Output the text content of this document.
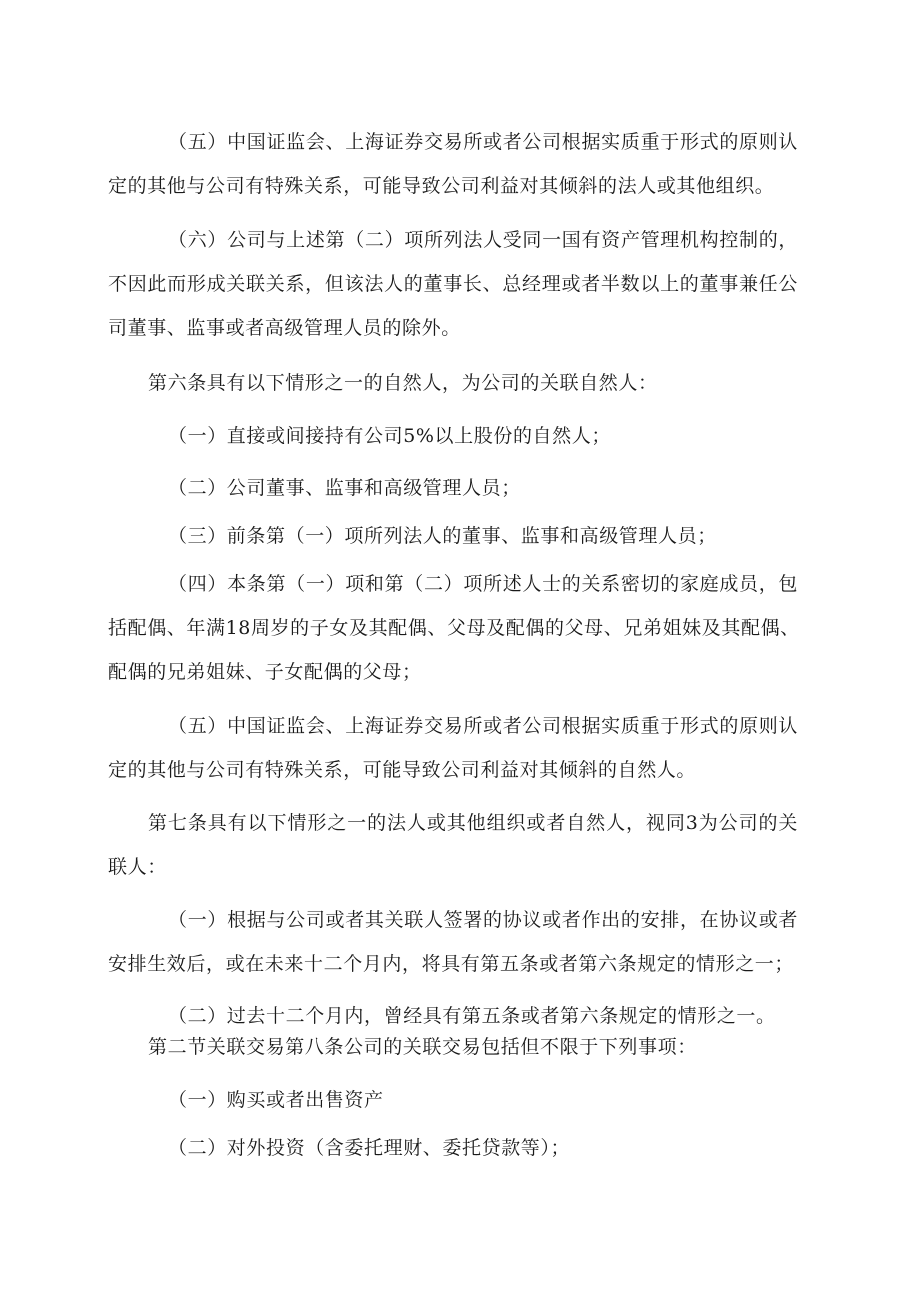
（五）中国证监会、上海证券交易所或者公司根据实质重于形式的原则认
定的其他与公司有特殊关系，可能导致公司利益对其倾斜的法人或其他组织。
（六）公司与上述第（二）项所列法人受同一国有资产管理机构控制的，
不因此而形成关联关系，但该法人的董事长、总经理或者半数以上的董事兼任公
司董事、监事或者高级管理人员的除外。
第六条具有以下情形之一的自然人，为公司的关联自然人：
（一）直接或间接持有公司5%以上股份的自然人；
（二）公司董事、监事和高级管理人员；
（三）前条第（一）项所列法人的董事、监事和高级管理人员；
（四）本条第（一）项和第（二）项所述人士的关系密切的家庭成员，包
括配偶、年满18周岁的子女及其配偶、父母及配偶的父母、兄弟姐妹及其配偶、
配偶的兄弟姐妹、子女配偶的父母；
（五）中国证监会、上海证券交易所或者公司根据实质重于形式的原则认
定的其他与公司有特殊关系，可能导致公司利益对其倾斜的自然人。
第七条具有以下情形之一的法人或其他组织或者自然人，视同3为公司的关
联人：
（一）根据与公司或者其关联人签署的协议或者作出的安排，在协议或者
安排生效后，或在未来十二个月内，将具有第五条或者第六条规定的情形之一；
（二）过去十二个月内，曾经具有第五条或者第六条规定的情形之一。
第二节关联交易第八条公司的关联交易包括但不限于下列事项：
（一）购买或者出售资产
（二）对外投资（含委托理财、委托贷款等）；
